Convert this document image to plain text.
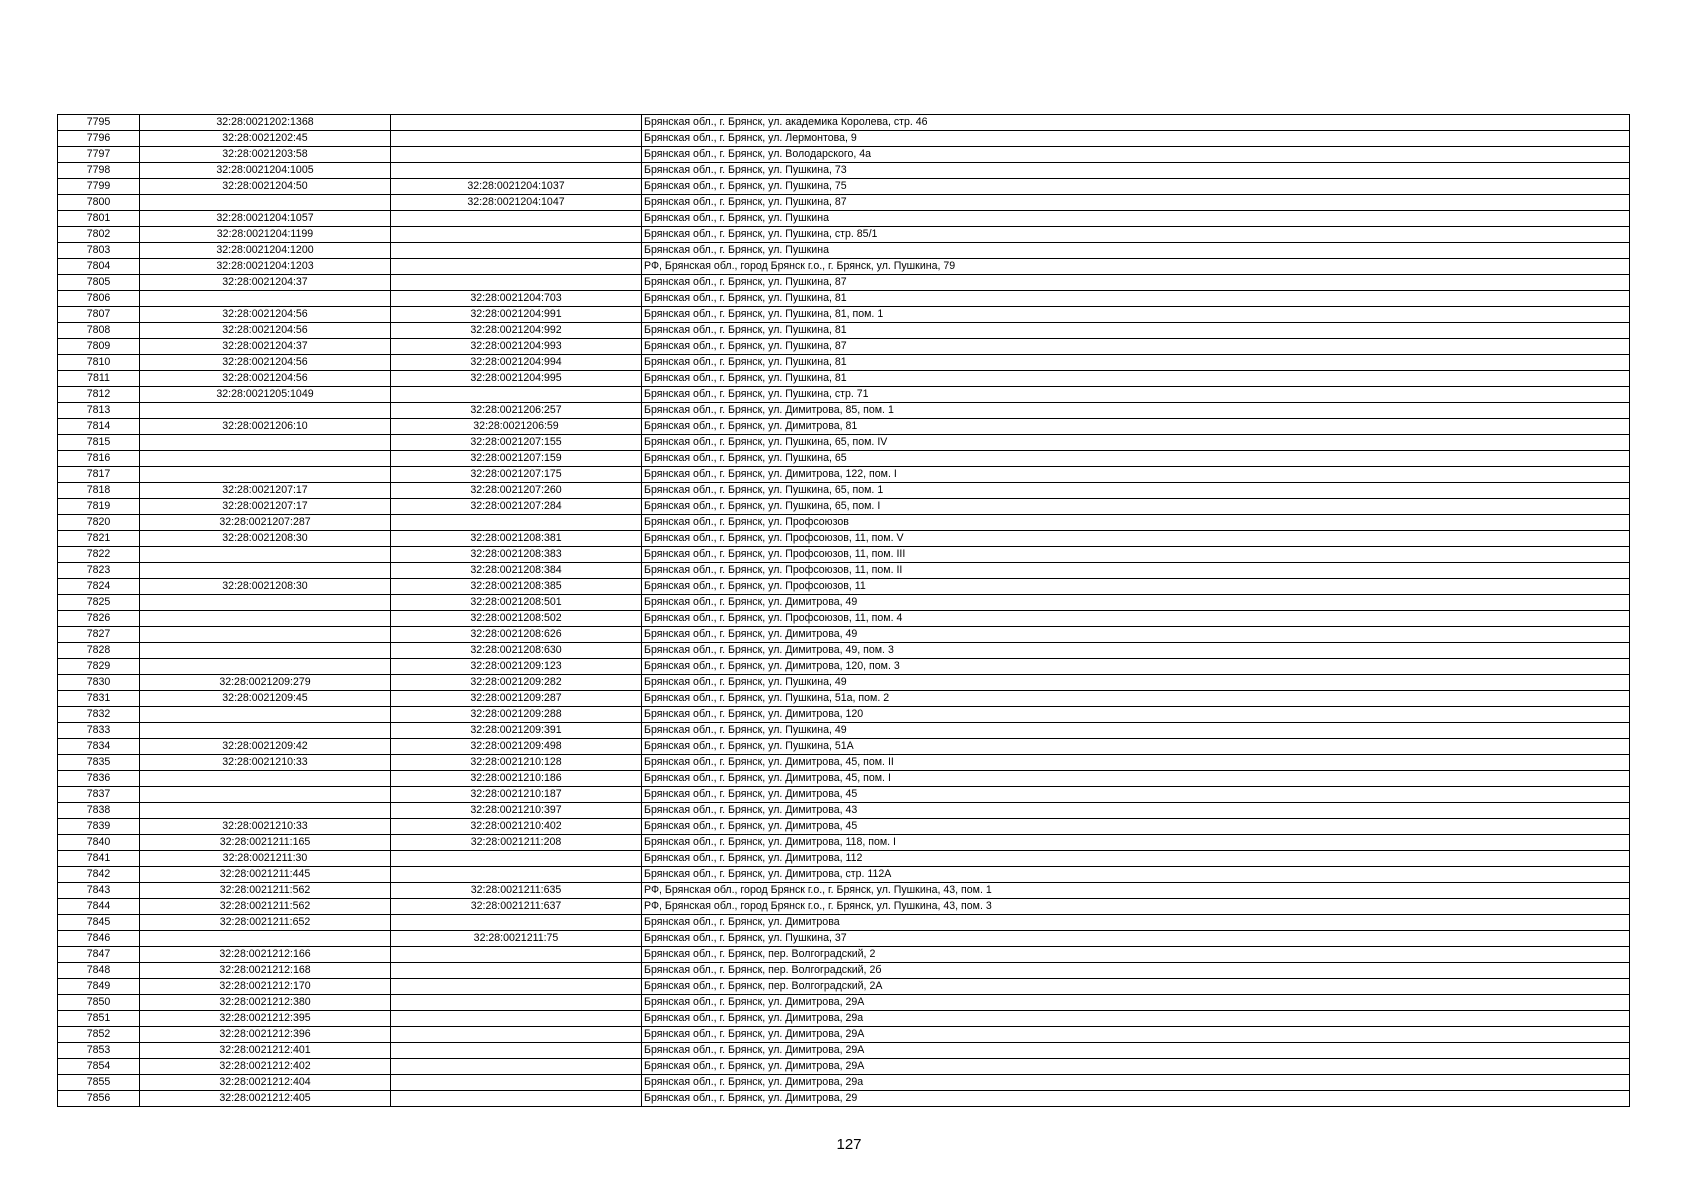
7795	32:28:0021202:1368		Брянская обл., г. Брянск, ул. академика Королева, стр. 46
7796	32:28:0021202:45		Брянская обл., г. Брянск, ул. Лермонтова, 9
7797	32:28:0021203:58		Брянская обл., г. Брянск, ул. Володарского, 4а
7798	32:28:0021204:1005		Брянская обл., г. Брянск, ул. Пушкина, 73
7799	32:28:0021204:50	32:28:0021204:1037	Брянская обл., г. Брянск, ул. Пушкина, 75
7800		32:28:0021204:1047	Брянская обл., г. Брянск, ул. Пушкина, 87
7801	32:28:0021204:1057		Брянская обл., г. Брянск, ул. Пушкина
7802	32:28:0021204:1199		Брянская обл., г. Брянск, ул. Пушкина, стр. 85/1
7803	32:28:0021204:1200		Брянская обл., г. Брянск, ул. Пушкина
7804	32:28:0021204:1203		РФ, Брянская обл., город Брянск г.о., г. Брянск, ул. Пушкина, 79
7805	32:28:0021204:37		Брянская обл., г. Брянск, ул. Пушкина, 87
7806		32:28:0021204:703	Брянская обл., г. Брянск, ул. Пушкина, 81
7807	32:28:0021204:56	32:28:0021204:991	Брянская обл., г. Брянск, ул. Пушкина, 81, пом. 1
7808	32:28:0021204:56	32:28:0021204:992	Брянская обл., г. Брянск, ул. Пушкина, 81
7809	32:28:0021204:37	32:28:0021204:993	Брянская обл., г. Брянск, ул. Пушкина, 87
7810	32:28:0021204:56	32:28:0021204:994	Брянская обл., г. Брянск, ул. Пушкина, 81
7811	32:28:0021204:56	32:28:0021204:995	Брянская обл., г. Брянск, ул. Пушкина, 81
7812	32:28:0021205:1049		Брянская обл., г. Брянск, ул. Пушкина, стр. 71
7813		32:28:0021206:257	Брянская обл., г. Брянск, ул. Димитрова, 85, пом. 1
7814	32:28:0021206:10	32:28:0021206:59	Брянская обл., г. Брянск, ул. Димитрова, 81
7815		32:28:0021207:155	Брянская обл., г. Брянск, ул. Пушкина, 65, пом. IV
7816		32:28:0021207:159	Брянская обл., г. Брянск, ул. Пушкина, 65
7817		32:28:0021207:175	Брянская обл., г. Брянск, ул. Димитрова, 122, пом. I
7818	32:28:0021207:17	32:28:0021207:260	Брянская обл., г. Брянск, ул. Пушкина, 65, пом. 1
7819	32:28:0021207:17	32:28:0021207:284	Брянская обл., г. Брянск, ул. Пушкина, 65, пом. I
7820	32:28:0021207:287		Брянская обл., г. Брянск, ул. Профсоюзов
7821	32:28:0021208:30	32:28:0021208:381	Брянская обл., г. Брянск, ул. Профсоюзов, 11, пом. V
7822		32:28:0021208:383	Брянская обл., г. Брянск, ул. Профсоюзов, 11, пом. III
7823		32:28:0021208:384	Брянская обл., г. Брянск, ул. Профсоюзов, 11, пом. II
7824	32:28:0021208:30	32:28:0021208:385	Брянская обл., г. Брянск, ул. Профсоюзов, 11
7825		32:28:0021208:501	Брянская обл., г. Брянск, ул. Димитрова, 49
7826		32:28:0021208:502	Брянская обл., г. Брянск, ул. Профсоюзов, 11, пом. 4
7827		32:28:0021208:626	Брянская обл., г. Брянск, ул. Димитрова, 49
7828		32:28:0021208:630	Брянская обл., г. Брянск, ул. Димитрова, 49, пом. 3
7829		32:28:0021209:123	Брянская обл., г. Брянск, ул. Димитрова, 120, пом. 3
7830	32:28:0021209:279	32:28:0021209:282	Брянская обл., г. Брянск, ул. Пушкина, 49
7831	32:28:0021209:45	32:28:0021209:287	Брянская обл., г. Брянск, ул. Пушкина, 51а, пом. 2
7832		32:28:0021209:288	Брянская обл., г. Брянск, ул. Димитрова, 120
7833		32:28:0021209:391	Брянская обл., г. Брянск, ул. Пушкина, 49
7834	32:28:0021209:42	32:28:0021209:498	Брянская обл., г. Брянск, ул. Пушкина, 51А
7835	32:28:0021210:33	32:28:0021210:128	Брянская обл., г. Брянск, ул. Димитрова, 45, пом. II
7836		32:28:0021210:186	Брянская обл., г. Брянск, ул. Димитрова, 45, пом. I
7837		32:28:0021210:187	Брянская обл., г. Брянск, ул. Димитрова, 45
7838		32:28:0021210:397	Брянская обл., г. Брянск, ул. Димитрова, 43
7839	32:28:0021210:33	32:28:0021210:402	Брянская обл., г. Брянск, ул. Димитрова, 45
7840	32:28:0021211:165	32:28:0021211:208	Брянская обл., г. Брянск, ул. Димитрова, 118, пом. I
7841	32:28:0021211:30		Брянская обл., г. Брянск, ул. Димитрова, 112
7842	32:28:0021211:445		Брянская обл., г. Брянск, ул. Димитрова, стр. 112А
7843	32:28:0021211:562	32:28:0021211:635	РФ, Брянская обл., город Брянск г.о., г. Брянск, ул. Пушкина, 43, пом. 1
7844	32:28:0021211:562	32:28:0021211:637	РФ, Брянская обл., город Брянск г.о., г. Брянск, ул. Пушкина, 43, пом. 3
7845	32:28:0021211:652		Брянская обл., г. Брянск, ул. Димитрова
7846		32:28:0021211:75	Брянская обл., г. Брянск, ул. Пушкина, 37
7847	32:28:0021212:166		Брянская обл., г. Брянск, пер. Волгоградский, 2
7848	32:28:0021212:168		Брянская обл., г. Брянск, пер. Волгоградский, 2б
7849	32:28:0021212:170		Брянская обл., г. Брянск, пер. Волгоградский, 2А
7850	32:28:0021212:380		Брянская обл., г. Брянск, ул. Димитрова, 29А
7851	32:28:0021212:395		Брянская обл., г. Брянск, ул. Димитрова, 29а
7852	32:28:0021212:396		Брянская обл., г. Брянск, ул. Димитрова, 29А
7853	32:28:0021212:401		Брянская обл., г. Брянск, ул. Димитрова, 29А
7854	32:28:0021212:402		Брянская обл., г. Брянск, ул. Димитрова, 29А
7855	32:28:0021212:404		Брянская обл., г. Брянск, ул. Димитрова, 29а
7856	32:28:0021212:405		Брянская обл., г. Брянск, ул. Димитрова, 29
127
